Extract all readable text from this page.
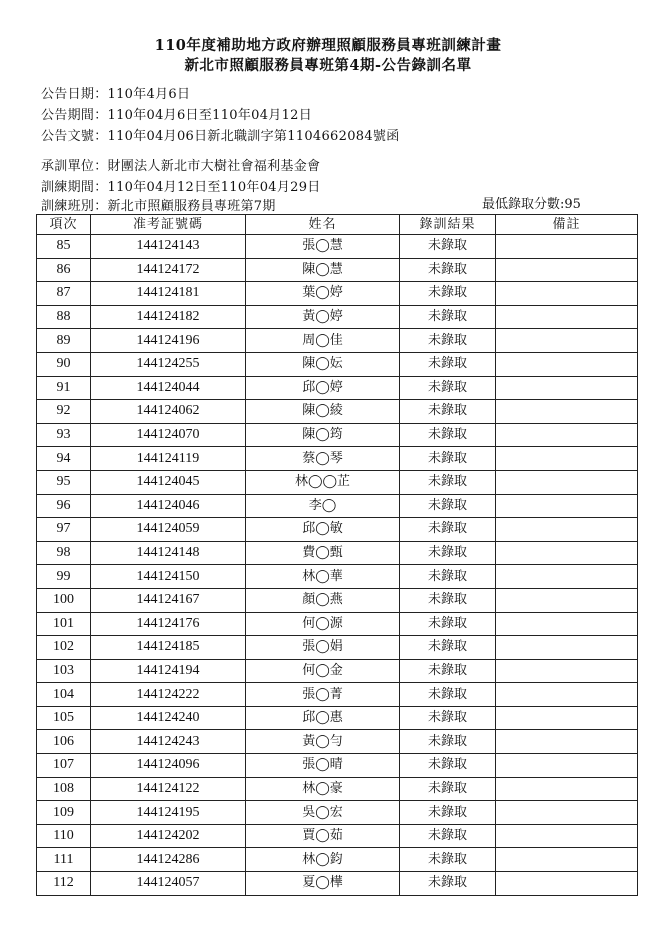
110年度補助地方政府辦理照顧服務員專班訓練計畫
新北市照顧服務員專班第4期-公告錄訓名單
公告日期：110年4月6日
公告期間：110年04月6日至110年04月12日
公告文號：110年04月06日新北職訓字第1104662084號函
承訓單位：財團法人新北市大樹社會福利基金會
訓練期間：110年04月12日至110年04月29日
訓練班別：新北市照顧服務員專班第7期	最低錄取分數:95
項次	准考証號碼	姓名	錄訓結果	備註
85	144124143	張◯慧	未錄取	
86	144124172	陳◯慧	未錄取	
87	144124181	葉◯婷	未錄取	
88	144124182	黃◯婷	未錄取	
89	144124196	周◯佳	未錄取	
90	144124255	陳◯妘	未錄取	
91	144124044	邱◯婷	未錄取	
92	144124062	陳◯綾	未錄取	
93	144124070	陳◯筠	未錄取	
94	144124119	蔡◯琴	未錄取	
95	144124045	林◯◯芷	未錄取	
96	144124046	李◯	未錄取	
97	144124059	邱◯敏	未錄取	
98	144124148	費◯甄	未錄取	
99	144124150	林◯華	未錄取	
100	144124167	顏◯燕	未錄取	
101	144124176	何◯源	未錄取	
102	144124185	張◯娟	未錄取	
103	144124194	何◯金	未錄取	
104	144124222	張◯菁	未錄取	
105	144124240	邱◯惠	未錄取	
106	144124243	黃◯勻	未錄取	
107	144124096	張◯晴	未錄取	
108	144124122	林◯豪	未錄取	
109	144124195	吳◯宏	未錄取	
110	144124202	賈◯茹	未錄取	
111	144124286	林◯鈞	未錄取	
112	144124057	夏◯樺	未錄取	
